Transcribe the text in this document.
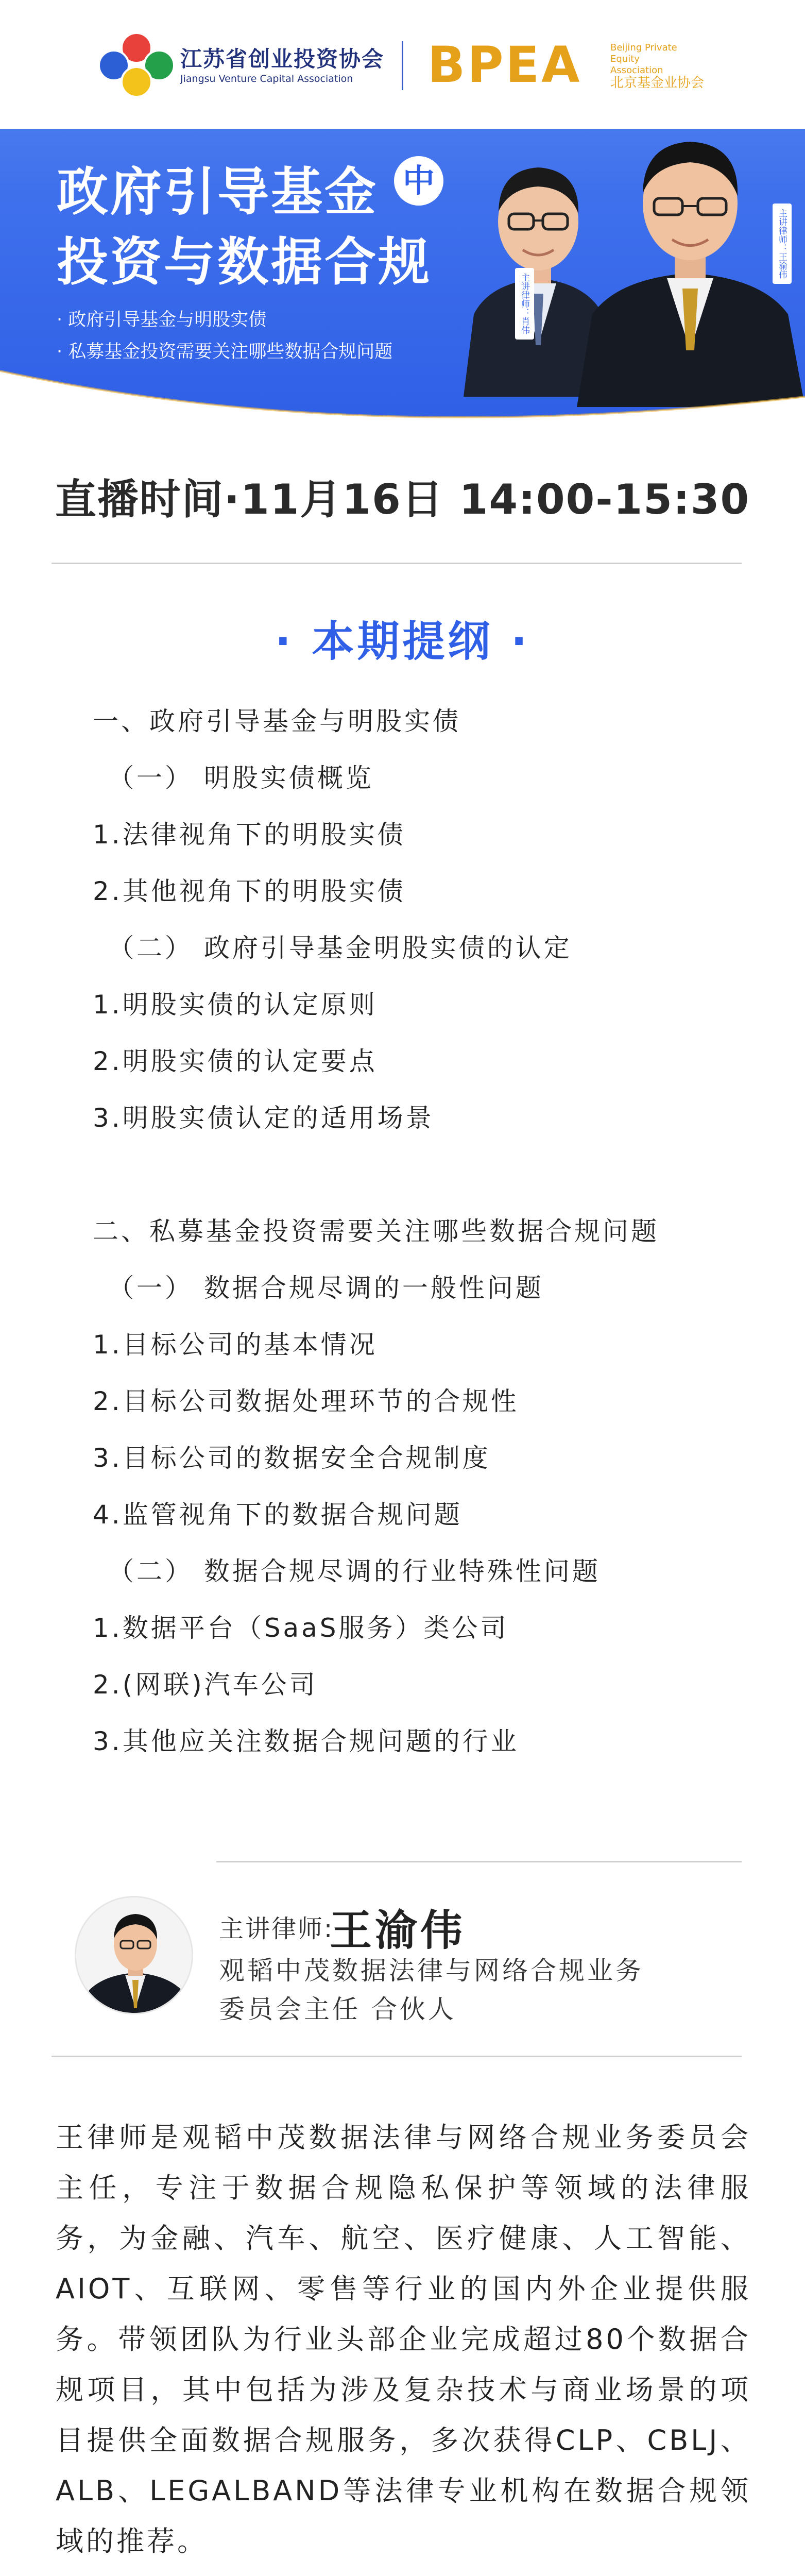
江苏省创业投资协会
Jiangsu Venture Capital Association BPEA	Beijing Private Equity Association
北京基金业协会
政府引导基金 中
投资与数据合规
· 政府引导基金与明股实债
· 私募基金投资需要关注哪些数据合规问题
主讲律师：肖伟
主讲律师：王渝伟
直播时间·11月16日 14:00-15:30
· 本期提纲 ·
一、政府引导基金与明股实债
（一） 明股实债概览
1.法律视角下的明股实债
2.其他视角下的明股实债
（二） 政府引导基金明股实债的认定
1.明股实债的认定原则
2.明股实债的认定要点
3.明股实债认定的适用场景
二、私募基金投资需要关注哪些数据合规问题
（一） 数据合规尽调的一般性问题
1.目标公司的基本情况
2.目标公司数据处理环节的合规性
3.目标公司的数据安全合规制度
4.监管视角下的数据合规问题
（二） 数据合规尽调的行业特殊性问题
1.数据平台（SaaS服务）类公司
2.(网联)汽车公司
3.其他应关注数据合规问题的行业
主讲律师:
王渝伟
观韬中茂数据法律与网络合规业务
委员会主任 合伙人
王律师是观韬中茂数据法律与网络合规业务委员会主任，专注于数据合规隐私保护等领域的法律服务，为金融、汽车、航空、医疗健康、人工智能、AIOT、互联网、零售等行业的国内外企业提供服务。带领团队为行业头部企业完成超过80个数据合规项目，其中包括为涉及复杂技术与商业场景的项目提供全面数据合规服务，多次获得CLP、CBLJ、ALB、LEGALBAND等法律专业机构在数据合规领域的推荐。
